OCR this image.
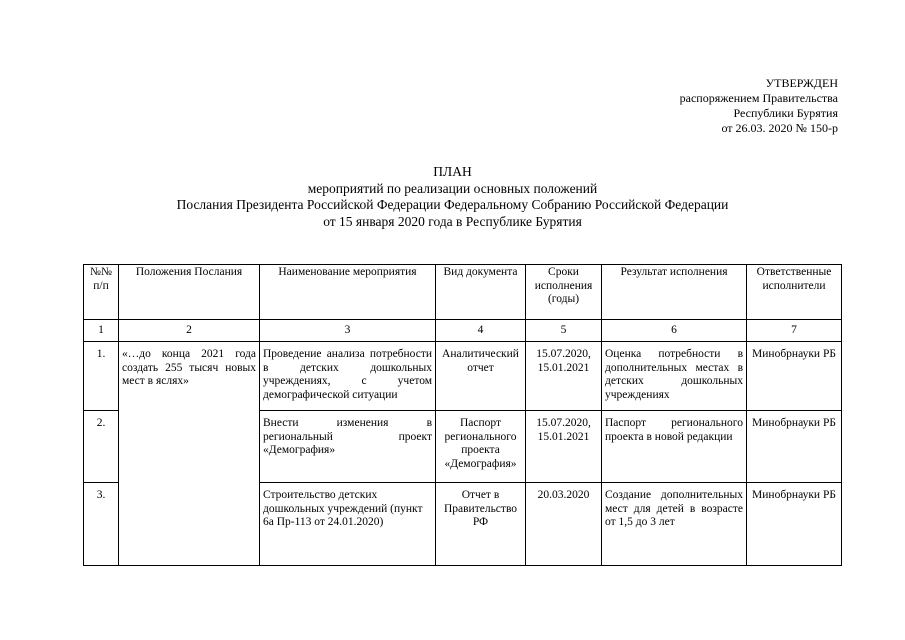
УТВЕРЖДЕН
распоряжением Правительства
Республики Бурятия
от 26.03. 2020 № 150-р
ПЛАН
мероприятий по реализации основных положений
Послания Президента Российской Федерации Федеральному Собранию Российской Федерации
от 15 января 2020 года в Республике Бурятия
№№ п/п	Положения Послания	Наименование мероприятия	Вид документа	Сроки исполнения (годы)	Результат исполнения	Ответственные исполнители
1	2	3	4	5	6	7
1.	«…до конца 2021 года создать 255 тысяч новых мест в яслях»	Проведение анализа потребности в детских дошкольных учреждениях, с учетом демографической ситуации	Аналитический отчет	15.07.2020, 15.01.2021	Оценка потребности в дополнительных местах в детских дошкольных учреждениях	Минобрнауки РБ
2.		Внести изменения в региональный проект «Демография»	Паспорт регионального проекта «Демография»	15.07.2020, 15.01.2021	Паспорт регионального проекта в новой редакции	Минобрнауки РБ
3.		Строительство детских дошкольных учреждений (пункт 6а Пр-113 от 24.01.2020)	Отчет в Правительство РФ	20.03.2020	Создание дополнительных мест для детей в возрасте от 1,5 до 3 лет	Минобрнауки РБ
